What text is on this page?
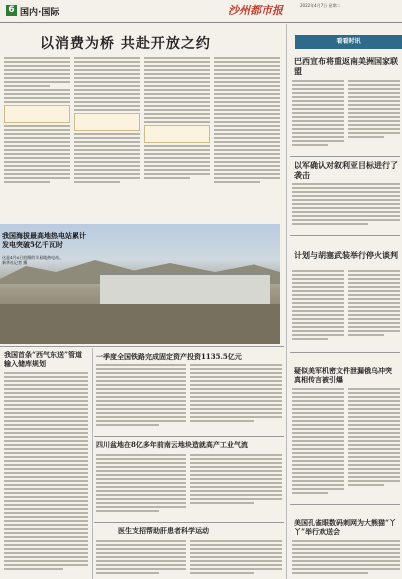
6 国内·国际	沙州都市报	2022年4月7日 星期二
以消费为桥 共赴开放之约	看看时讯
巴西宣布将重返南美洲国家联盟
以军确认对叙利亚目标进行了袭击
计划与胡塞武装举行停火谈判
疑似美军机密文件泄漏俄乌冲突真相传言被引爆
美国孔雀眼数码刺网为大熊猫“丫丫”举行欢送会
我国海拔最高地热电站累计发电突破5亿千瓦时
这是4月6日拍摄的羊易地热电站。新华社记者 摄
我国首条“西气东送”管道输入储库规划
一季度全国铁路完成固定资产投资1135.5亿元
四川盆地在8亿多年前南云地块造就高产工业气流
医生支招帮助肝患者科学运动
